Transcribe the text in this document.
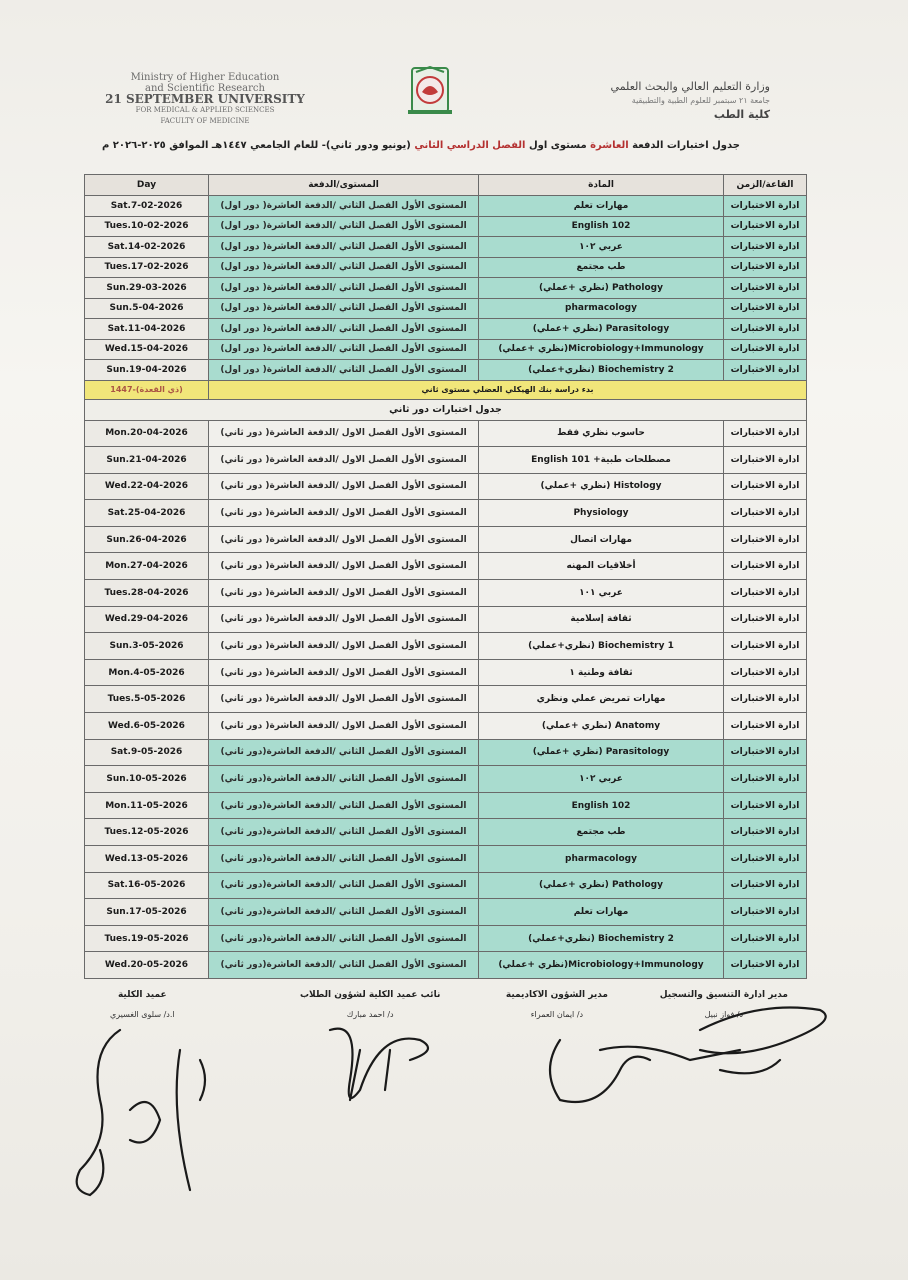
Ministry of Higher Education
and Scientific Research
21 SEPTEMBER UNIVERSITY
FOR MEDICAL & APPLIED SCIENCES
FACULTY OF MEDICINE
وزارة التعليم العالي والبحث العلمي
جامعة ٢١ سبتمبر للعلوم الطبية والتطبيقية
كلية الطب
جدول اختبارات الدفعة العاشرة مستوى اول الفصل الدراسي الثاني (يونيو ودور ثاني)- للعام الجامعي ١٤٤٧هـ الموافق ٢٠٢٥-٢٠٢٦ م
Day	المستوى/الدفعة	المادة	القاعة/الزمن
Sat.7-02-2026	المستوى الأول الفصل الثاني /الدفعة العاشرة( دور اول)	مهارات تعلم	ادارة الاختبارات
Tues.10-02-2026	المستوى الأول الفصل الثاني /الدفعة العاشرة( دور اول)	English 102	ادارة الاختبارات
Sat.14-02-2026	المستوى الأول الفصل الثاني /الدفعة العاشرة( دور اول)	عربي ١٠٢	ادارة الاختبارات
Tues.17-02-2026	المستوى الأول الفصل الثاني /الدفعة العاشرة( دور اول)	طب مجتمع	ادارة الاختبارات
Sun.29-03-2026	المستوى الأول الفصل الثاني /الدفعة العاشرة( دور اول)	Pathology (نظري +عملي)	ادارة الاختبارات
Sun.5-04-2026	المستوى الأول الفصل الثاني /الدفعة العاشرة( دور اول)	pharmacology	ادارة الاختبارات
Sat.11-04-2026	المستوى الأول الفصل الثاني /الدفعة العاشرة( دور اول)	Parasitology (نظري +عملي)	ادارة الاختبارات
Wed.15-04-2026	المستوى الأول الفصل الثاني /الدفعة العاشرة( دور اول)	Microbiology+Immunology(نظري +عملي)	ادارة الاختبارات
Sun.19-04-2026	المستوى الأول الفصل الثاني /الدفعة العاشرة( دور اول)	Biochemistry 2 (نظري+عملي)	ادارة الاختبارات
(ذي القعدة)-1447	بدء دراسة بنك الهيكلي العضلي مستوى ثاني		
جدول اختبارات دور ثاني			
Mon.20-04-2026	المستوى الأول الفصل الاول /الدفعة العاشرة( دور ثاني)	حاسوب نظري فقط	ادارة الاختبارات
Sun.21-04-2026	المستوى الأول الفصل الاول /الدفعة العاشرة( دور ثاني)	مصطلحات طبية+ English 101	ادارة الاختبارات
Wed.22-04-2026	المستوى الأول الفصل الاول /الدفعة العاشرة( دور ثاني)	Histology (نظري +عملي)	ادارة الاختبارات
Sat.25-04-2026	المستوى الأول الفصل الاول /الدفعة العاشرة( دور ثاني)	Physiology	ادارة الاختبارات
Sun.26-04-2026	المستوى الأول الفصل الاول /الدفعة العاشرة( دور ثاني)	مهارات اتصال	ادارة الاختبارات
Mon.27-04-2026	المستوى الأول الفصل الاول /الدفعة العاشرة( دور ثاني)	أخلاقيات المهنه	ادارة الاختبارات
Tues.28-04-2026	المستوى الأول الفصل الاول /الدفعة العاشرة( دور ثاني)	عربي ١٠١	ادارة الاختبارات
Wed.29-04-2026	المستوى الأول الفصل الاول /الدفعة العاشرة( دور ثاني)	ثقافة إسلامية	ادارة الاختبارات
Sun.3-05-2026	المستوى الأول الفصل الاول /الدفعة العاشرة( دور ثاني)	Biochemistry 1 (نظري+عملي)	ادارة الاختبارات
Mon.4-05-2026	المستوى الأول الفصل الاول /الدفعة العاشرة( دور ثاني)	ثقافة وطنية ١	ادارة الاختبارات
Tues.5-05-2026	المستوى الأول الفصل الاول /الدفعة العاشرة( دور ثاني)	مهارات تمريض عملي ونظري	ادارة الاختبارات
Wed.6-05-2026	المستوى الأول الفصل الاول /الدفعة العاشرة( دور ثاني)	Anatomy (نظري +عملي)	ادارة الاختبارات
Sat.9-05-2026	المستوى الأول الفصل الثاني /الدفعة العاشرة(دور ثاني)	Parasitology (نظري +عملي)	ادارة الاختبارات
Sun.10-05-2026	المستوى الأول الفصل الثاني /الدفعة العاشرة(دور ثاني)	عربي ١٠٢	ادارة الاختبارات
Mon.11-05-2026	المستوى الأول الفصل الثاني /الدفعة العاشرة(دور ثاني)	English 102	ادارة الاختبارات
Tues.12-05-2026	المستوى الأول الفصل الثاني /الدفعة العاشرة(دور ثاني)	طب مجتمع	ادارة الاختبارات
Wed.13-05-2026	المستوى الأول الفصل الثاني /الدفعة العاشرة(دور ثاني)	pharmacology	ادارة الاختبارات
Sat.16-05-2026	المستوى الأول الفصل الثاني /الدفعة العاشرة(دور ثاني)	Pathology (نظري +عملي)	ادارة الاختبارات
Sun.17-05-2026	المستوى الأول الفصل الثاني /الدفعة العاشرة(دور ثاني)	مهارات تعلم	ادارة الاختبارات
Tues.19-05-2026	المستوى الأول الفصل الثاني /الدفعة العاشرة(دور ثاني)	Biochemistry 2 (نظري+عملي)	ادارة الاختبارات
Wed.20-05-2026	المستوى الأول الفصل الثاني /الدفعة العاشرة(دور ثاني)	Microbiology+Immunology(نظري +عملي)	ادارة الاختبارات
مدير ادارة التنسيق والتسجيل
د/ فواز نبيل
مدير الشؤون الاكاديمية
د/ ايمان العمراء
نائب عميد الكلية لشؤون الطلاب
د/ احمد مبارك
عميد الكلية
ا.د/ سلوى الغسيري
